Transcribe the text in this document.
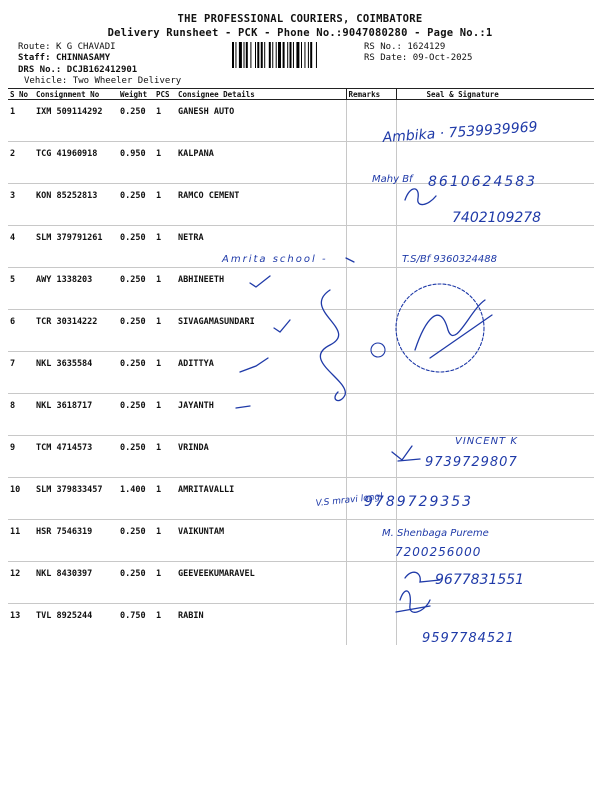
THE PROFESSIONAL COURIERS, COIMBATORE
Delivery Runsheet - PCK - Phone No.:9047080280 - Page No.:1
Route: K G CHAVADI
Staff: CHINNASAMY
DRS No.: DCJB162412901
Vehicle: Two Wheeler Delivery
RS No.: 1624129
RS Date: 09-Oct-2025
S No	Consignment No	Weight	PCS	Consignee Details	Remarks	Seal & Signature
1	IXM 509114292	0.250	1	GANESH AUTO		
2	TCG 41960918	0.950	1	KALPANA		
3	KON 85252813	0.250	1	RAMCO CEMENT		
4	SLM 379791261	0.250	1	NETRA		
5	AWY 1338203	0.250	1	ABHINEETH		
6	TCR 30314222	0.250	1	SIVAGAMASUNDARI		
7	NKL 3635584	0.250	1	ADITTYA		
8	NKL 3618717	0.250	1	JAYANTH		
9	TCM 4714573	0.250	1	VRINDA		
10	SLM 379833457	1.400	1	AMRITAVALLI		
11	HSR 7546319	0.250	1	VAIKUNTAM		
12	NKL 8430397	0.250	1	GEEVEEKUMARAVEL		
13	TVL 8925244	0.750	1	RABIN		
Ambika · 7539939969
Mahy Bf 8610624583
7402109278
Amrita school -	T.S/Bf 9360324488
VINCENT K
9739729807
V.S mravi longl
9789729353
M. Shenbaga Pureme
7200256000
9677831551
9597784521
